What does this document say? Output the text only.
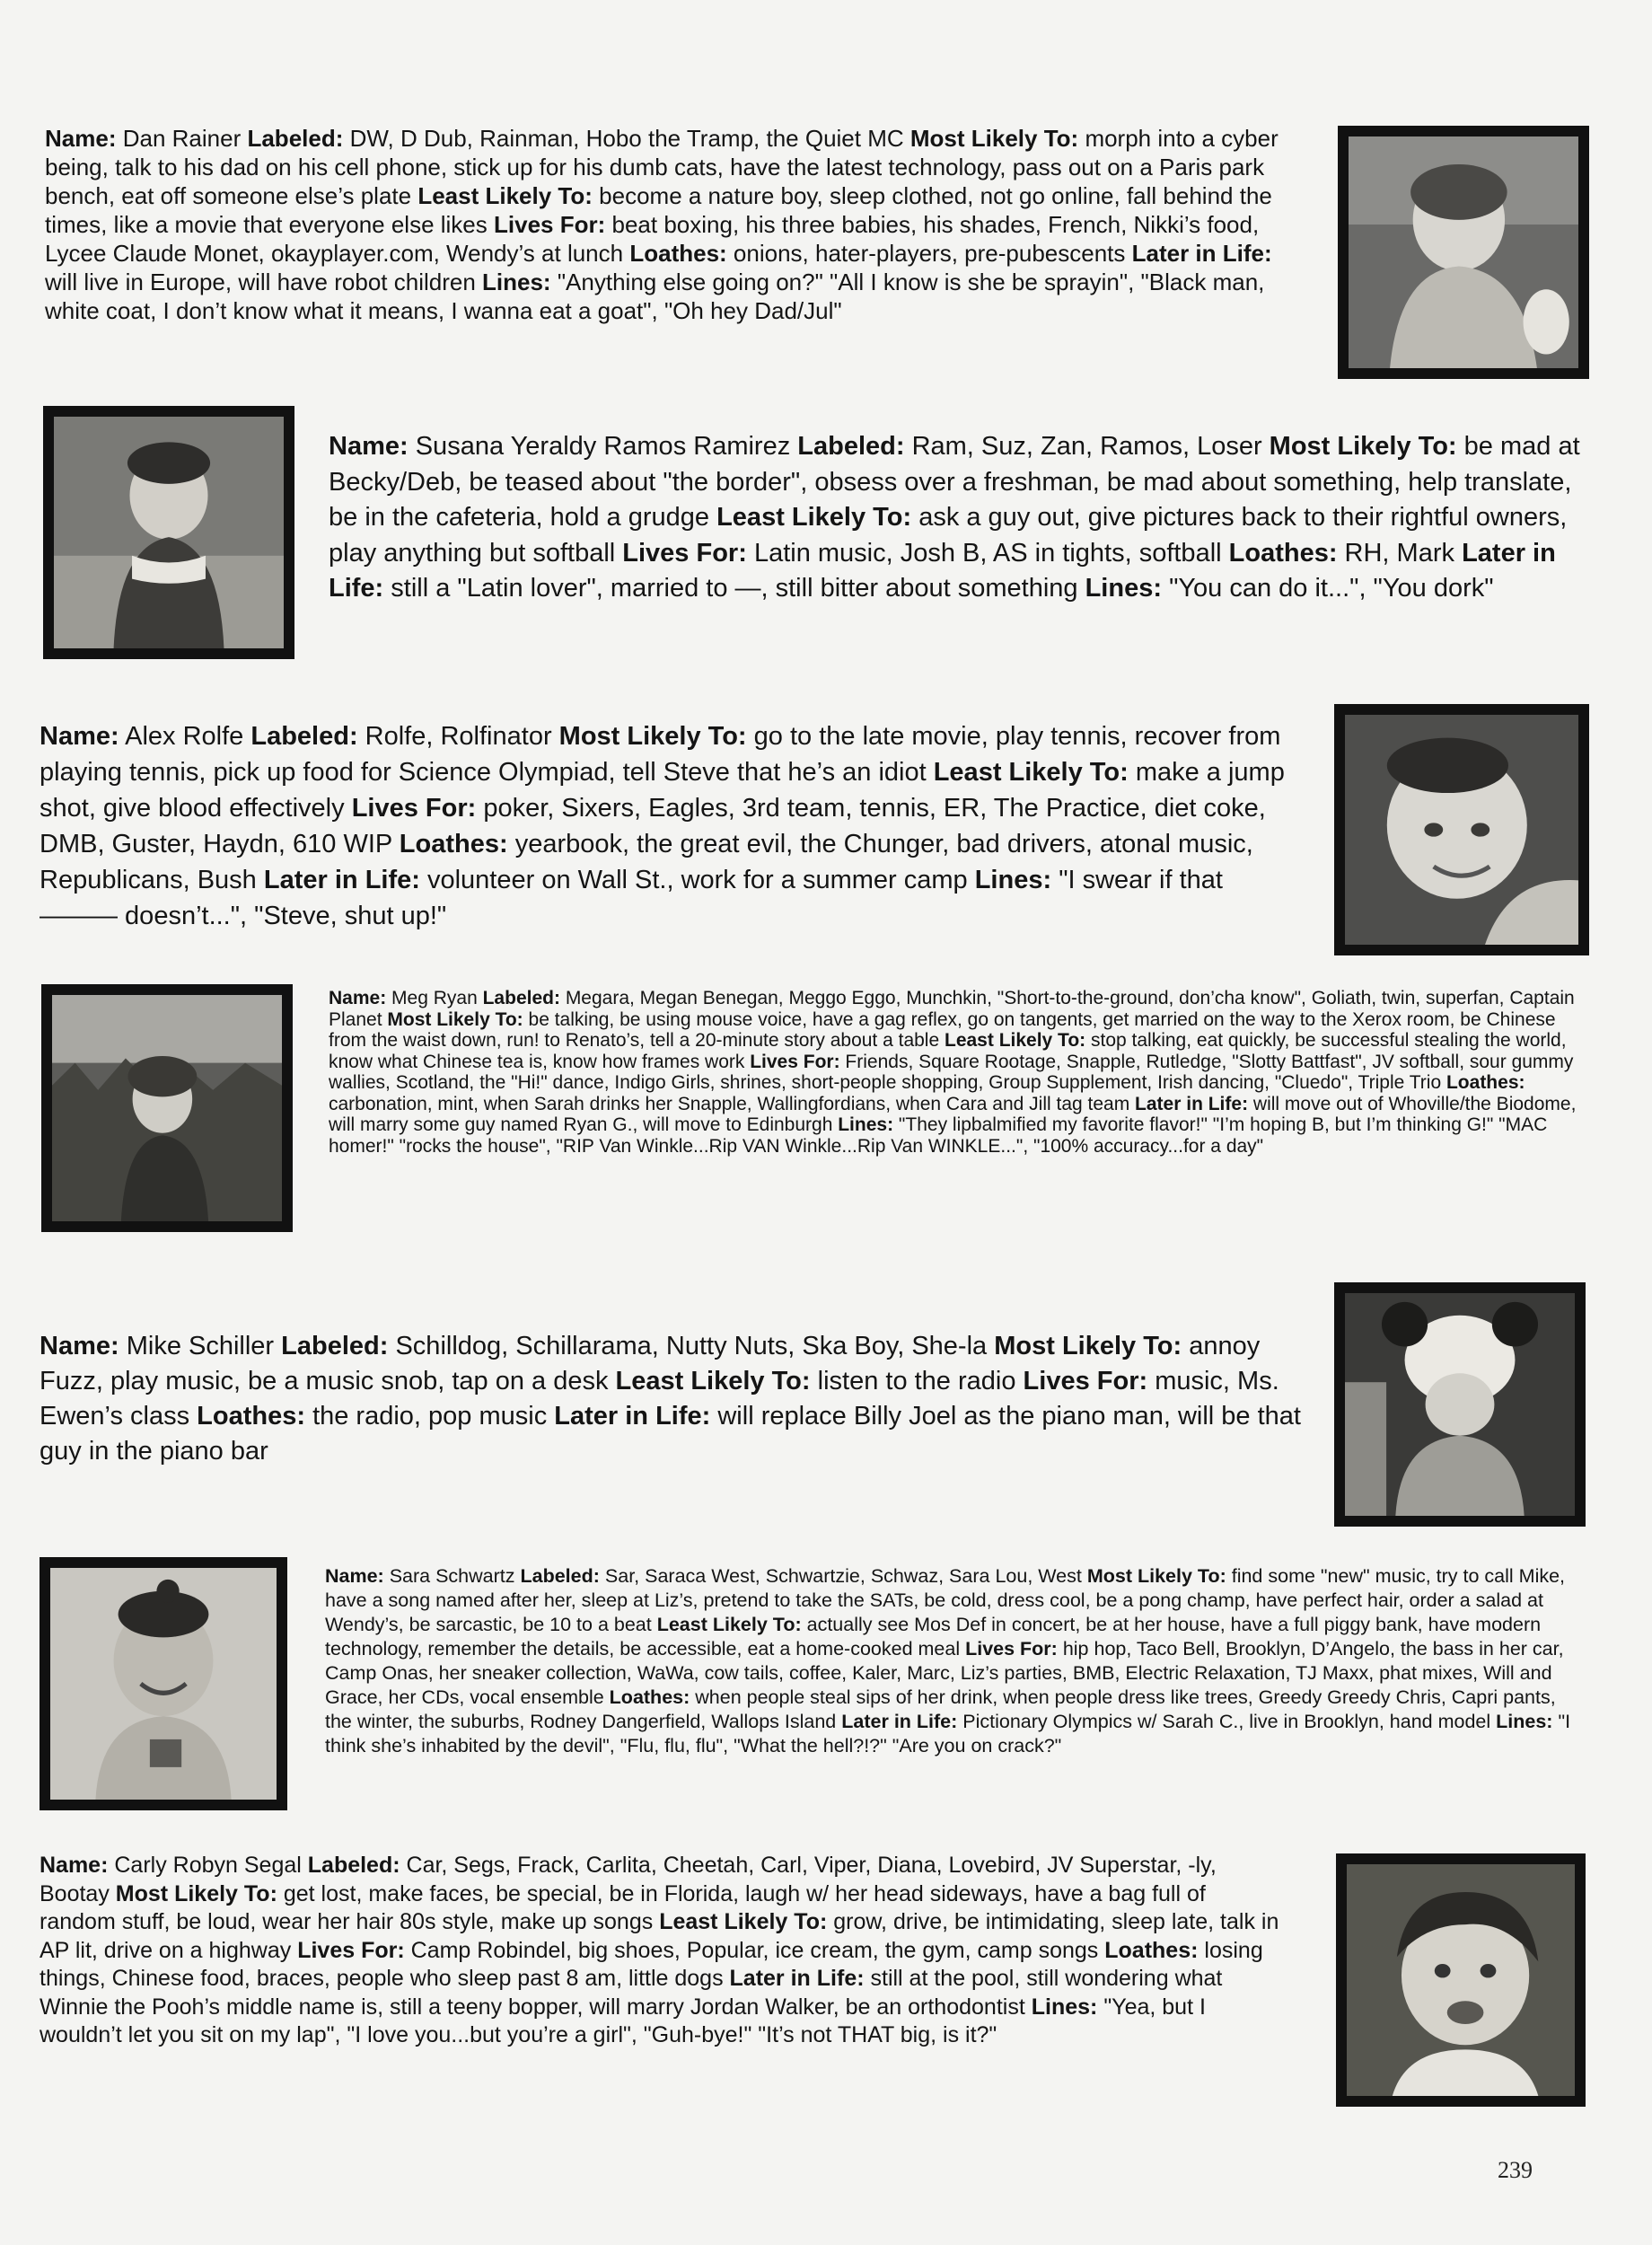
Name: Dan Rainer Labeled: DW, D Dub, Rainman, Hobo the Tramp, the Quiet MC Most Likely To: morph into a cyber being, talk to his dad on his cell phone, stick up for his dumb cats, have the latest technology, pass out on a Paris park bench, eat off someone else’s plate Least Likely To: become a nature boy, sleep clothed, not go online, fall behind the times, like a movie that everyone else likes Lives For: beat boxing, his three babies, his shades, French, Nikki’s food, Lycee Claude Monet, okayplayer.com, Wendy’s at lunch Loathes: onions, hater-players, pre-pubescents Later in Life: will live in Europe, will have robot children Lines: "Anything else going on?" "All I know is she be sprayin", "Black man, white coat, I don’t know what it means, I wanna eat a goat", "Oh hey Dad/Jul"

Name: Susana Yeraldy Ramos Ramirez Labeled: Ram, Suz, Zan, Ramos, Loser Most Likely To: be mad at Becky/Deb, be teased about "the border", obsess over a freshman, be mad about something, help translate, be in the cafeteria, hold a grudge Least Likely To: ask a guy out, give pictures back to their rightful owners, play anything but softball Lives For: Latin music, Josh B, AS in tights, softball Loathes: RH, Mark Later in Life: still a "Latin lover", married to —, still bitter about something Lines: "You can do it...", "You dork"

Name: Alex Rolfe Labeled: Rolfe, Rolfinator Most Likely To: go to the late movie, play tennis, recover from playing tennis, pick up food for Science Olympiad, tell Steve that he’s an idiot Least Likely To: make a jump shot, give blood effectively Lives For: poker, Sixers, Eagles, 3rd team, tennis, ER, The Practice, diet coke, DMB, Guster, Haydn, 610 WIP Loathes: yearbook, the great evil, the Chunger, bad drivers, atonal music, Republicans, Bush Later in Life: volunteer on Wall St., work for a summer camp Lines: "I swear if that ——— doesn’t...", "Steve, shut up!"

Name: Meg Ryan Labeled: Megara, Megan Benegan, Meggo Eggo, Munchkin, "Short-to-the-ground, don’cha know", Goliath, twin, superfan, Captain Planet Most Likely To: be talking, be using mouse voice, have a gag reflex, go on tangents, get married on the way to the Xerox room, be Chinese from the waist down, run! to Renato’s, tell a 20-minute story about a table Least Likely To: stop talking, eat quickly, be successful stealing the world, know what Chinese tea is, know how frames work Lives For: Friends, Square Rootage, Snapple, Rutledge, "Slotty Battfast", JV softball, sour gummy wallies, Scotland, the "Hi!" dance, Indigo Girls, shrines, short-people shopping, Group Supplement, Irish dancing, "Cluedo", Triple Trio Loathes: carbonation, mint, when Sarah drinks her Snapple, Wallingfordians, when Cara and Jill tag team Later in Life: will move out of Whoville/the Biodome, will marry some guy named Ryan G., will move to Edinburgh Lines: "They lipbalmified my favorite flavor!" "I’m hoping B, but I’m thinking G!" "MAC homer!" "rocks the house", "RIP Van Winkle...Rip VAN Winkle...Rip Van WINKLE...", "100% accuracy...for a day"

Name: Mike Schiller Labeled: Schilldog, Schillarama, Nutty Nuts, Ska Boy, She-la Most Likely To: annoy Fuzz, play music, be a music snob, tap on a desk Least Likely To: listen to the radio Lives For: music, Ms. Ewen’s class Loathes: the radio, pop music Later in Life: will replace Billy Joel as the piano man, will be that guy in the piano bar

Name: Sara Schwartz Labeled: Sar, Saraca West, Schwartzie, Schwaz, Sara Lou, West Most Likely To: find some "new" music, try to call Mike, have a song named after her, sleep at Liz’s, pretend to take the SATs, be cold, dress cool, be a pong champ, have perfect hair, order a salad at Wendy’s, be sarcastic, be 10 to a beat Least Likely To: actually see Mos Def in concert, be at her house, have a full piggy bank, have modern technology, remember the details, be accessible, eat a home-cooked meal Lives For: hip hop, Taco Bell, Brooklyn, D’Angelo, the bass in her car, Camp Onas, her sneaker collection, WaWa, cow tails, coffee, Kaler, Marc, Liz’s parties, BMB, Electric Relaxation, TJ Maxx, phat mixes, Will and Grace, her CDs, vocal ensemble Loathes: when people steal sips of her drink, when people dress like trees, Greedy Greedy Chris, Capri pants, the winter, the suburbs, Rodney Dangerfield, Wallops Island Later in Life: Pictionary Olympics w/ Sarah C., live in Brooklyn, hand model Lines: "I think she’s inhabited by the devil", "Flu, flu, flu", "What the hell?!?" "Are you on crack?"

Name: Carly Robyn Segal Labeled: Car, Segs, Frack, Carlita, Cheetah, Carl, Viper, Diana, Lovebird, JV Superstar, -ly, Bootay Most Likely To: get lost, make faces, be special, be in Florida, laugh w/ her head sideways, have a bag full of random stuff, be loud, wear her hair 80s style, make up songs Least Likely To: grow, drive, be intimidating, sleep late, talk in AP lit, drive on a highway Lives For: Camp Robindel, big shoes, Popular, ice cream, the gym, camp songs Loathes: losing things, Chinese food, braces, people who sleep past 8 am, little dogs Later in Life: still at the pool, still wondering what Winnie the Pooh’s middle name is, still a teeny bopper, will marry Jordan Walker, be an orthodontist Lines: "Yea, but I wouldn’t let you sit on my lap", "I love you...but you’re a girl", "Guh-bye!" "It’s not THAT big, is it?"

239
